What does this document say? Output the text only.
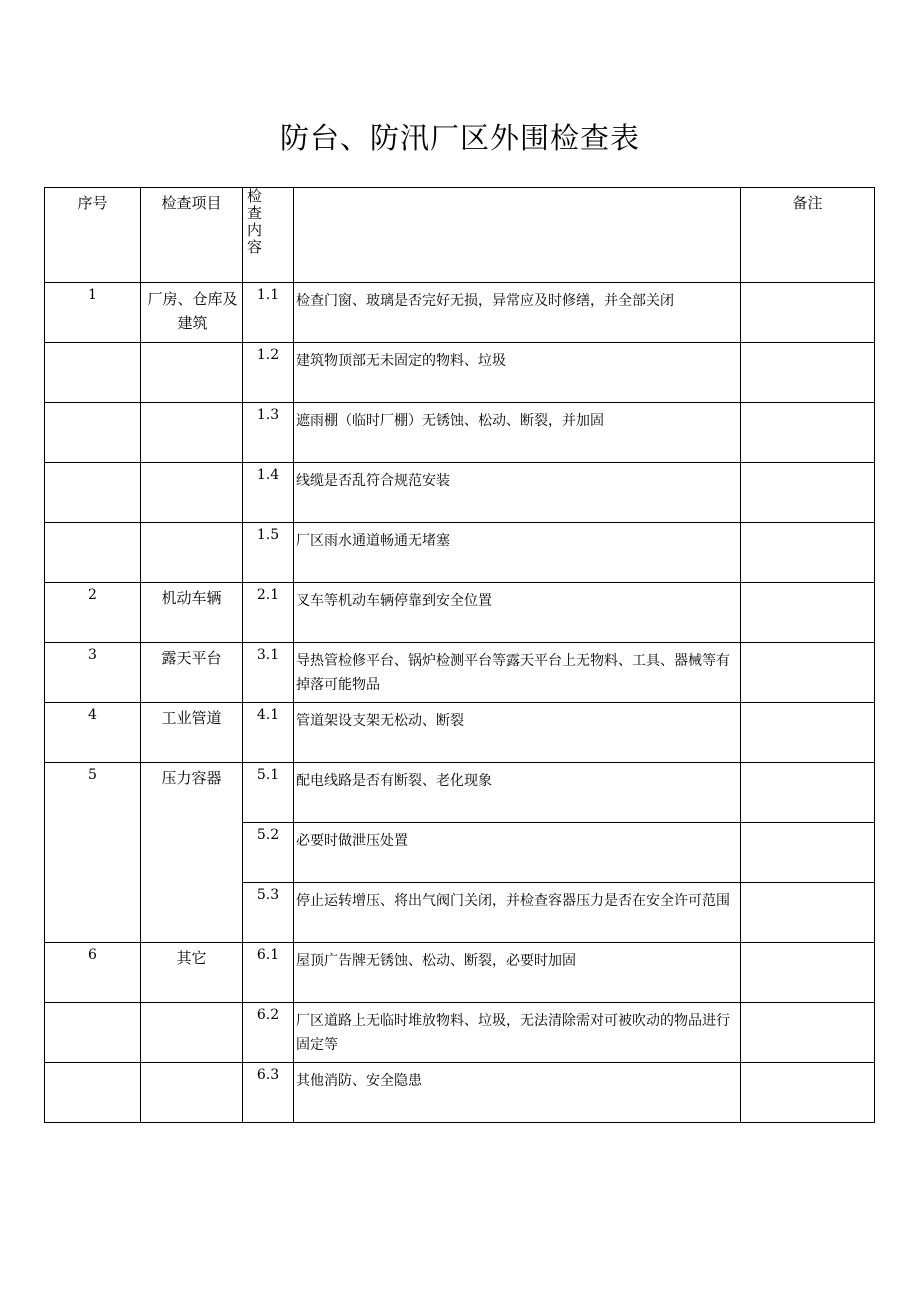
防台、防汛厂区外围检查表
序号	检查项目	检查内容		备注

1	厂房、仓库及建筑	1.1	检查门窗、玻璃是否完好无损，异常应及时修缮，并全部关闭	

		1.2	建筑物顶部无未固定的物料、垃圾	

		1.3	遮雨棚（临时厂棚）无锈蚀、松动、断裂，并加固	

		1.4	线缆是否乱符合规范安装	

		1.5	厂区雨水通道畅通无堵塞	

2	机动车辆	2.1	叉车等机动车辆停靠到安全位置	

3	露天平台	3.1	导热管检修平台、锅炉检测平台等露天平台上无物料、工具、器械等有掉落可能物品	

4	工业管道	4.1	管道架设支架无松动、断裂	

5	压力容器	5.1	配电线路是否有断裂、老化现象	

		5.2	必要时做泄压处置	

		5.3	停止运转增压、将出气阀门关闭，并检查容器压力是否在安全许可范围	

6	其它	6.1	屋顶广告牌无锈蚀、松动、断裂，必要时加固	

		6.2	厂区道路上无临时堆放物料、垃圾，无法清除需对可被吹动的物品进行固定等	

		6.3	其他消防、安全隐患	
